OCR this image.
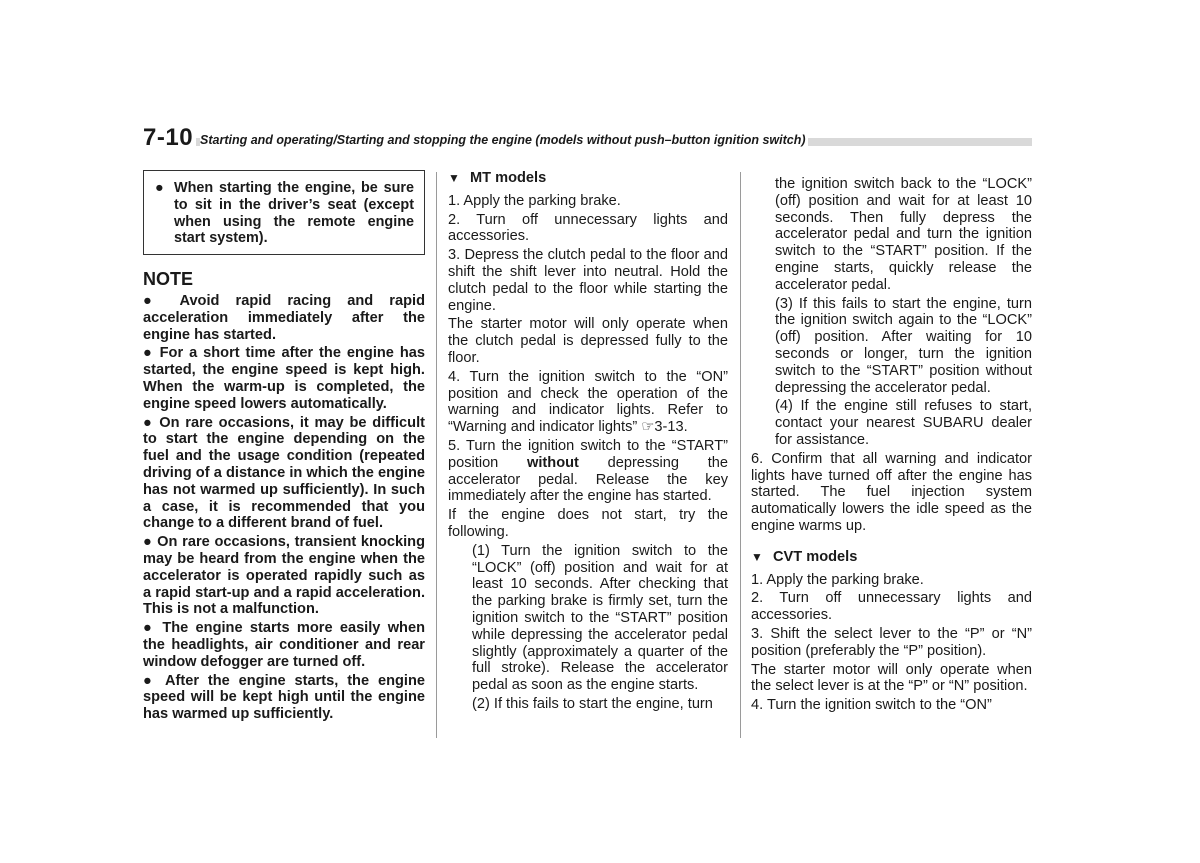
7-10 Starting and operating/Starting and stopping the engine (models without push–button ignition switch)
● When starting the engine, be sure to sit in the driver’s seat (except when using the remote engine start system).

NOTE

● Avoid rapid racing and rapid acceleration immediately after the engine has started.

● For a short time after the engine has started, the engine speed is kept high. When the warm-up is completed, the engine speed lowers automatically.

● On rare occasions, it may be difficult to start the engine depending on the fuel and the usage condition (repeated driving of a distance in which the engine has not warmed up sufficiently). In such a case, it is recommended that you change to a different brand of fuel.

● On rare occasions, transient knocking may be heard from the engine when the accelerator is operated rapidly such as a rapid start-up and a rapid acceleration. This is not a malfunction.

● The engine starts more easily when the headlights, air conditioner and rear window defogger are turned off.

● After the engine starts, the engine speed will be kept high until the engine has warmed up sufficiently.

▼ MT models

1. Apply the parking brake.

2. Turn off unnecessary lights and accessories.

3. Depress the clutch pedal to the floor and shift the shift lever into neutral. Hold the clutch pedal to the floor while starting the engine.

The starter motor will only operate when the clutch pedal is depressed fully to the floor.

4. Turn the ignition switch to the “ON” position and check the operation of the warning and indicator lights. Refer to “Warning and indicator lights” ☞3-13.

5. Turn the ignition switch to the “START” position without depressing the accelerator pedal. Release the key immediately after the engine has started.

If the engine does not start, try the following.

(1) Turn the ignition switch to the “LOCK” (off) position and wait for at least 10 seconds. After checking that the parking brake is firmly set, turn the ignition switch to the “START” position while depressing the accelerator pedal slightly (approximately a quarter of the full stroke). Release the accelerator pedal as soon as the engine starts.

(2) If this fails to start the engine, turn

the ignition switch back to the “LOCK” (off) position and wait for at least 10 seconds. Then fully depress the accelerator pedal and turn the ignition switch to the “START” position. If the engine starts, quickly release the accelerator pedal.

(3) If this fails to start the engine, turn the ignition switch again to the “LOCK” (off) position. After waiting for 10 seconds or longer, turn the ignition switch to the “START” position without depressing the accelerator pedal.

(4) If the engine still refuses to start, contact your nearest SUBARU dealer for assistance.

6. Confirm that all warning and indicator lights have turned off after the engine has started. The fuel injection system automatically lowers the idle speed as the engine warms up.

▼ CVT models

1. Apply the parking brake.

2. Turn off unnecessary lights and accessories.

3. Shift the select lever to the “P” or “N” position (preferably the “P” position).

The starter motor will only operate when the select lever is at the “P” or “N” position.

4. Turn the ignition switch to the “ON”
